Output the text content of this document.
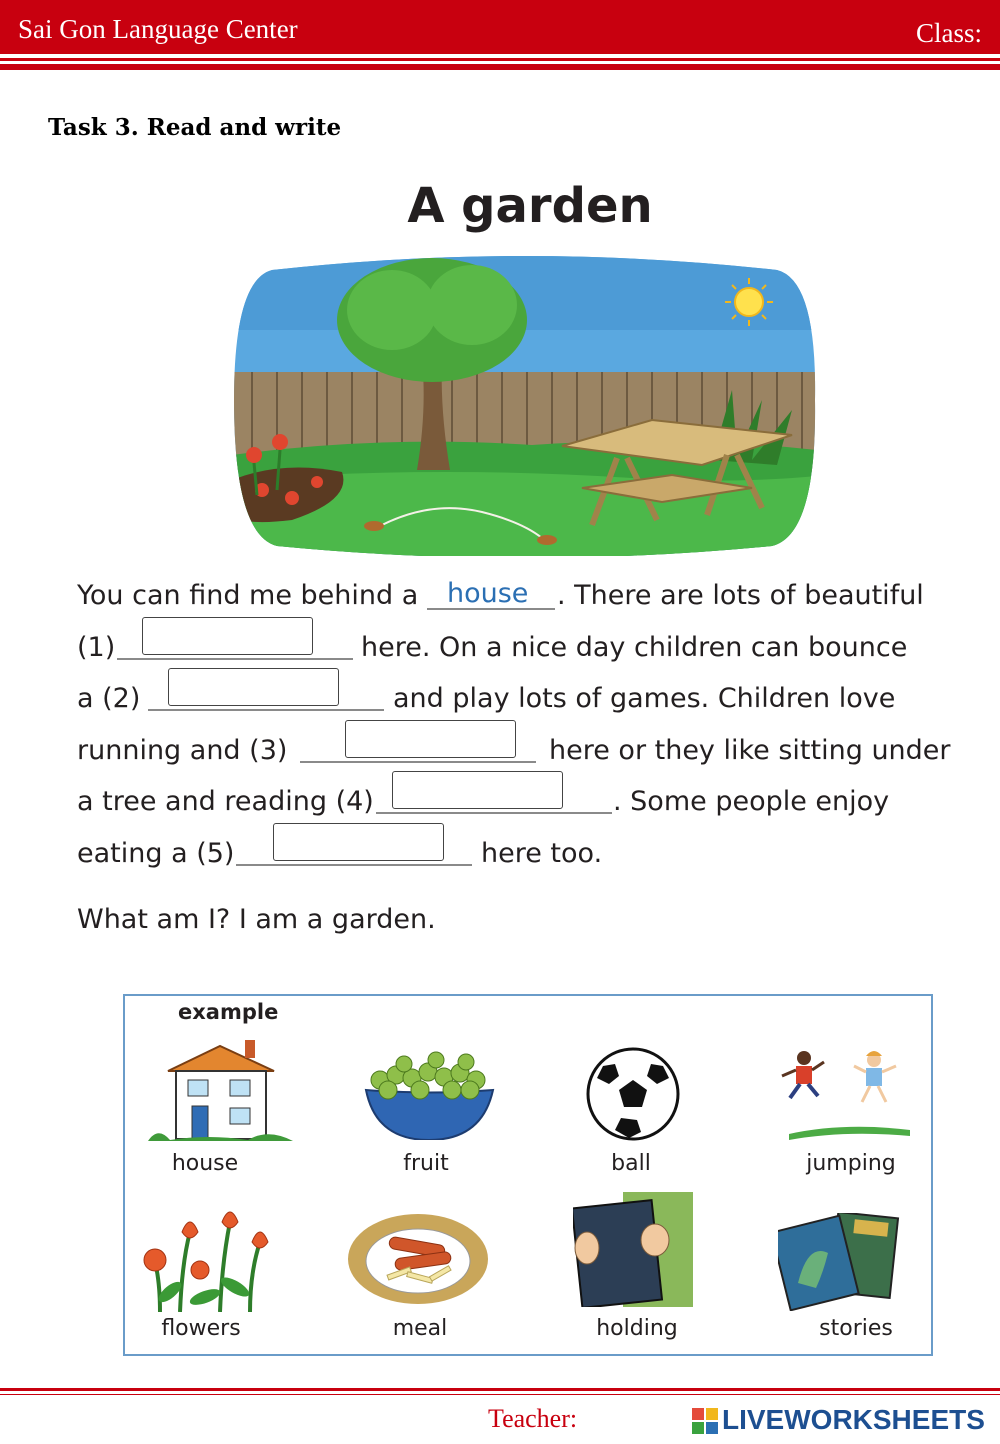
Sai Gon Language Center	Class:
Task 3. Read and write
A garden
You can find me behind a house . There are lots of beautiful
(1)	here. On a nice day children can bounce
a (2)	and play lots of games. Children love
running and (3)	here or they like sitting under
a tree and reading (4)	. Some people enjoy
eating a (5)	here too.
What am I? I am a garden.
example
house	fruit	ball	jumping
flowers	meal	holding	stories
Teacher:	LIVEWORKSHEETS
